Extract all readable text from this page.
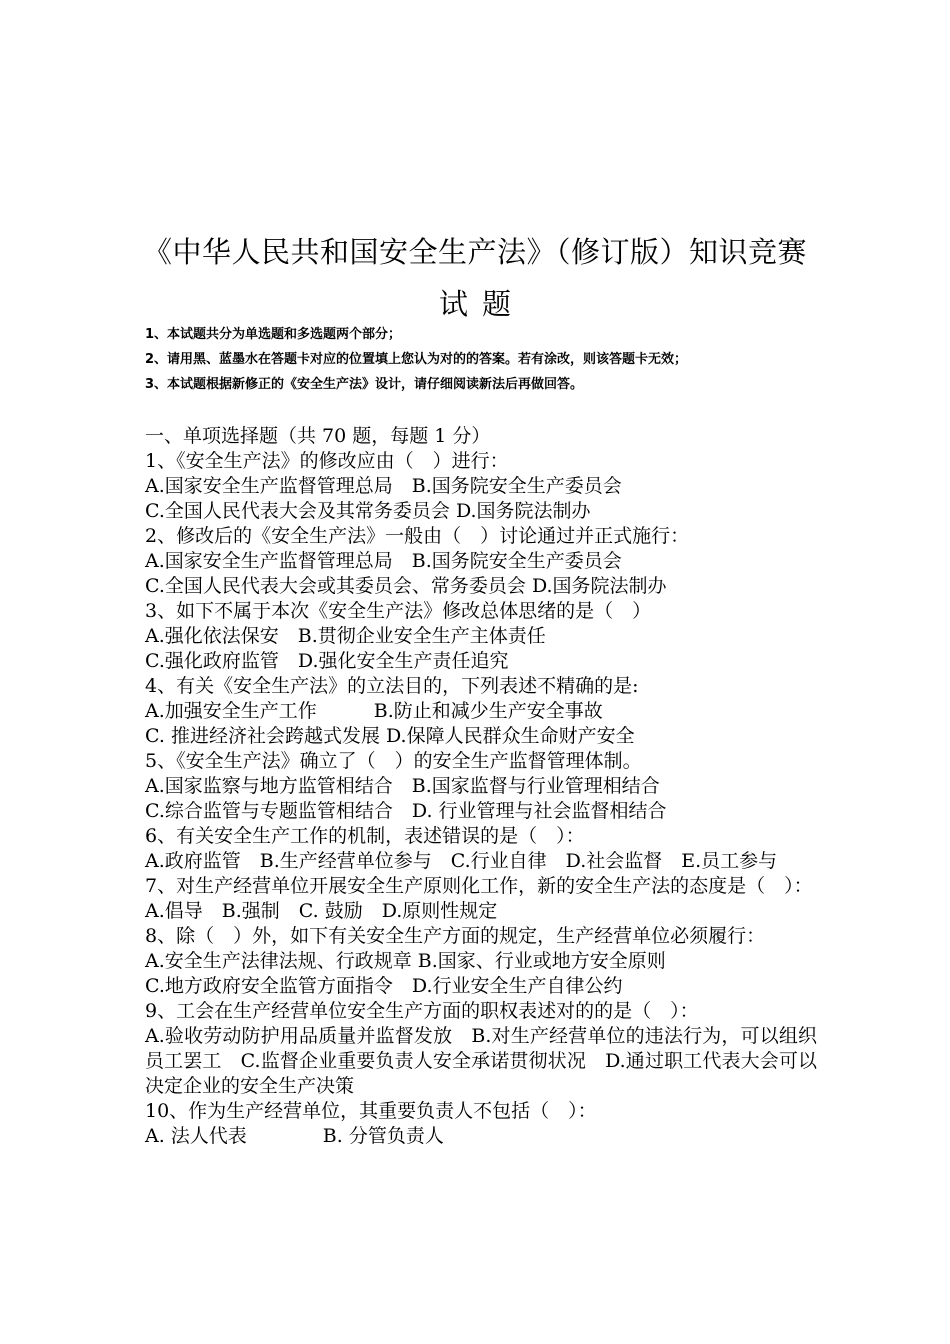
《中华人民共和国安全生产法》（修订版）知识竞赛
试题

1、本试题共分为单选题和多选题两个部分；

2、请用黑、蓝墨水在答题卡对应的位置填上您认为对的的答案。若有涂改，则该答题卡无效；

3、本试题根据新修正的《安全生产法》设计，请仔细阅读新法后再做回答。

一、单项选择题（共 70 题，每题 1 分）

1、《安全生产法》的修改应由（　）进行：

A.国家安全生产监督管理总局　B.国务院安全生产委员会

C.全国人民代表大会及其常务委员会 D.国务院法制办

2、修改后的《安全生产法》一般由（　）讨论通过并正式施行：

A.国家安全生产监督管理总局　B.国务院安全生产委员会

C.全国人民代表大会或其委员会、常务委员会 D.国务院法制办

3、如下不属于本次《安全生产法》修改总体思绪的是（　）

A.强化依法保安　B.贯彻企业安全生产主体责任

C.强化政府监管　D.强化安全生产责任追究

4、有关《安全生产法》的立法目的，下列表述不精确的是:

A.加强安全生产工作　　　B.防止和减少生产安全事故

C. 推进经济社会跨越式发展 D.保障人民群众生命财产安全

5、《安全生产法》确立了（　）的安全生产监督管理体制。

A.国家监察与地方监管相结合　B.国家监督与行业管理相结合

C.综合监管与专题监管相结合　D. 行业管理与社会监督相结合

6、有关安全生产工作的机制，表述错误的是（　）：

A.政府监管　B.生产经营单位参与　C.行业自律　D.社会监督　E.员工参与

7、对生产经营单位开展安全生产原则化工作，新的安全生产法的态度是（　）：

A.倡导　B.强制　C. 鼓励　D.原则性规定

8、除（　）外，如下有关安全生产方面的规定，生产经营单位必须履行：

A.安全生产法律法规、行政规章 B.国家、行业或地方安全原则

C.地方政府安全监管方面指令　D.行业安全生产自律公约

9、工会在生产经营单位安全生产方面的职权表述对的的是（　）：

A.验收劳动防护用品质量并监督发放　B.对生产经营单位的违法行为，可以组织员工罢工　C.监督企业重要负责人安全承诺贯彻状况　D.通过职工代表大会可以决定企业的安全生产决策

10、作为生产经营单位，其重要负责人不包括（　）：

A. 法人代表　　　　B. 分管负责人
